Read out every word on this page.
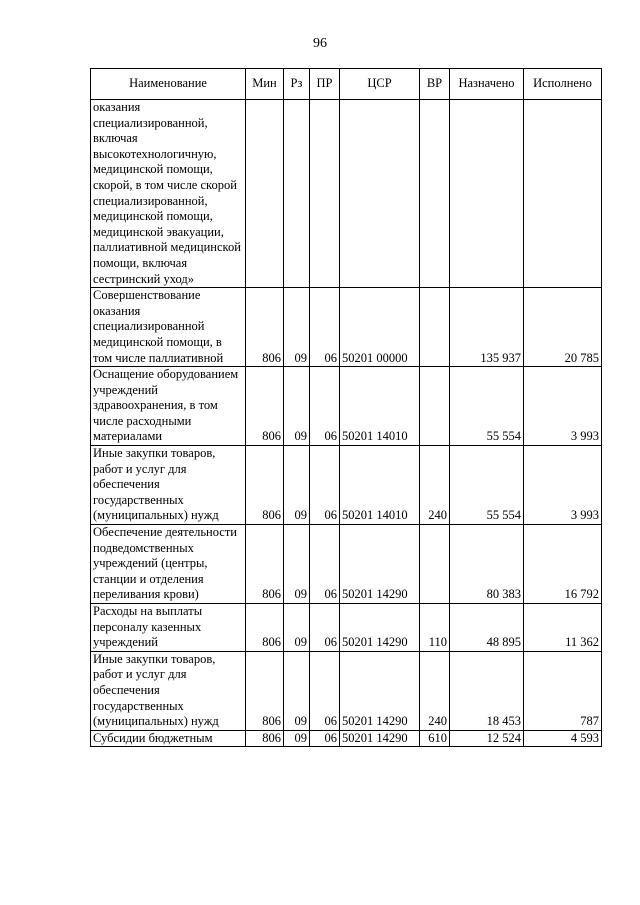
96
Наименование	Мин	Рз	ПР	ЦСР	ВР	Назначено	Исполнено
оказания специализированной, включая высокотехнологичную, медицинской помощи, скорой, в том числе скорой специализированной, медицинской помощи, медицинской эвакуации, паллиативной медицинской помощи, включая сестринский уход»							
Совершенствование оказания специализированной медицинской помощи, в том числе паллиативной	806	09	06	50201 00000		135 937	20 785
Оснащение оборудованием учреждений здравоохранения, в том числе расходными материалами	806	09	06	50201 14010		55 554	3 993
Иные закупки товаров, работ и услуг для обеспечения государственных (муниципальных) нужд	806	09	06	50201 14010	240	55 554	3 993
Обеспечение деятельности подведомственных учреждений (центры, станции и отделения переливания крови)	806	09	06	50201 14290		80 383	16 792
Расходы на выплаты персоналу казенных учреждений	806	09	06	50201 14290	110	48 895	11 362
Иные закупки товаров, работ и услуг для обеспечения государственных (муниципальных) нужд	806	09	06	50201 14290	240	18 453	787
Субсидии бюджетным	806	09	06	50201 14290	610	12 524	4 593
